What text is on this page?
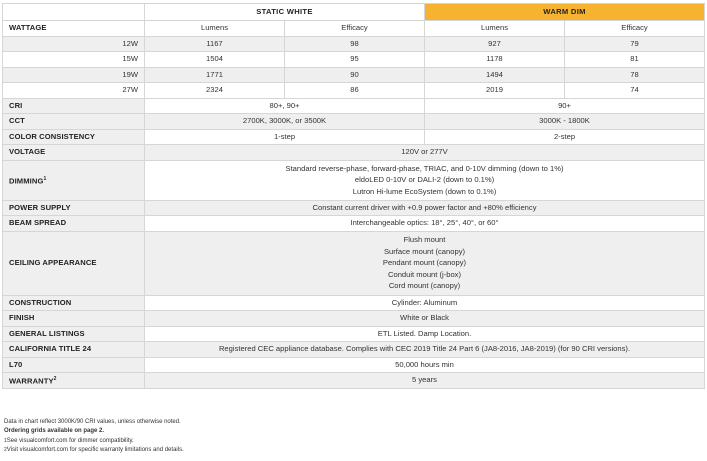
	STATIC WHITE		WARM DIM	
WATTAGE	Lumens	Efficacy	Lumens	Efficacy
12W	1167	98	927	79
15W	1504	95	1178	81
19W	1771	90	1494	78
27W	2324	86	2019	74
CRI	80+, 90+		90+	
CCT	2700K, 3000K, or 3500K		3000K - 1800K	
COLOR CONSISTENCY	1-step		2-step	
VOLTAGE	120V or 277V			
DIMMING$^1$	Standard reverse-phase, forward-phase, TRIAC, and 0-10V dimming (down to 1%)
eldoLED 0-10V or DALI-2 (down to 0.1%)
Lutron Hi-lume EcoSystem (down to 0.1%)			

POWER SUPPLY	Constant current driver with +0.9 power factor and +80% efficiency			
BEAM SPREAD	Interchangeable optics: 18°, 25°, 40°, or 60°			
CEILING APPEARANCE	Flush mount
Surface mount (canopy)
Pendant mount (canopy)
Conduit mount (j-box)
Cord mount (canopy)			

CONSTRUCTION	Cylinder: Aluminum			
FINISH	White or Black			
GENERAL LISTINGS	ETL Listed. Damp Location.			
CALIFORNIA TITLE 24	Registered CEC appliance database. Complies with CEC 2019 Title 24 Part 6 (JA8-2016, JA8-2019) (for 90 CRI versions).			
L70	50,000 hours min			
WARRANTY$^2$	5 years			
Data in chart reflect 3000K/90 CRI values, unless otherwise noted.
Ordering grids available on page 2.
$^1$See visualcomfort.com for dimmer compatibility.
$^2$Visit visualcomfort.com for specific warranty limitations and details.
